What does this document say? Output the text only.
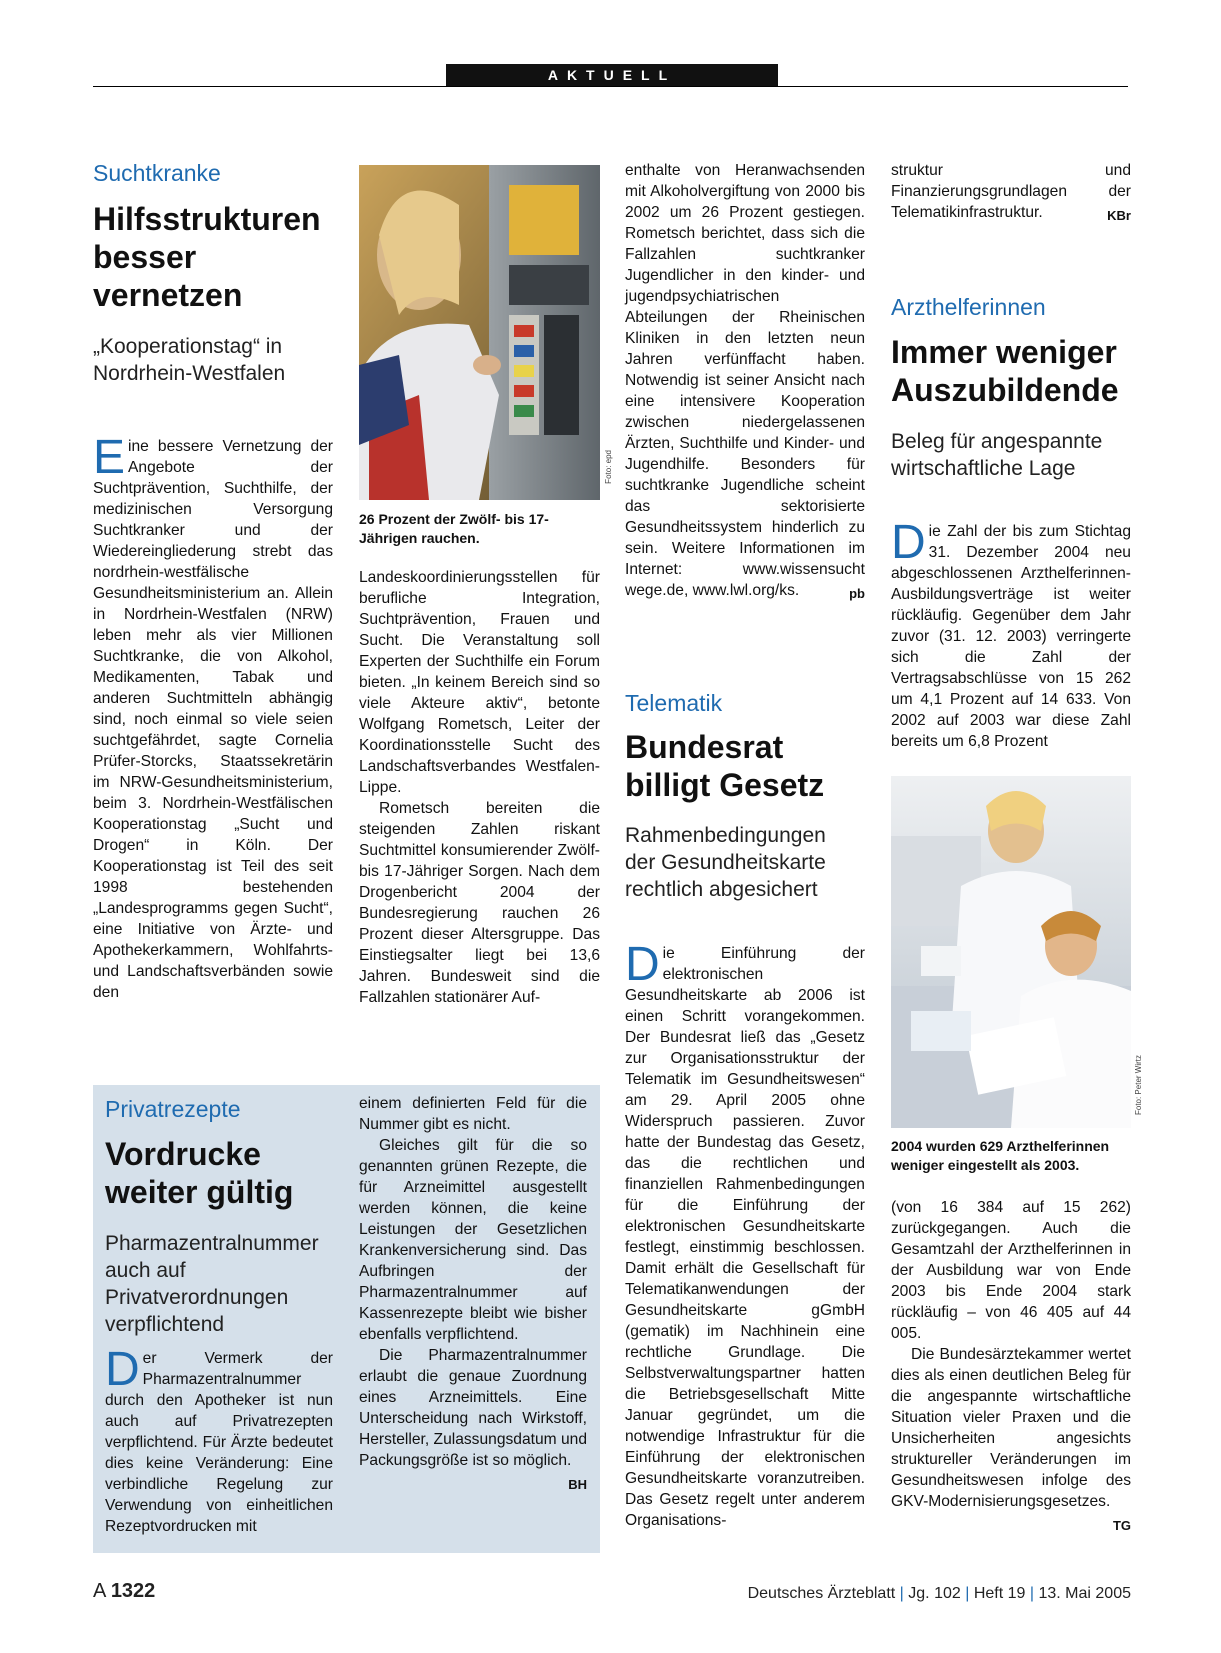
AKTUELL
Suchtkranke
Hilfsstrukturen
besser
vernetzen
„Kooperationstag“ in Nordrhein-Westfalen
Eine bessere Vernetzung der Angebote der Suchtprävention, Suchthilfe, der medizinischen Versorgung Suchtkranker und der Wiedereingliederung strebt das nordrhein-westfälische Gesundheitsministerium an. Allein in Nordrhein-Westfalen (NRW) leben mehr als vier Millionen Suchtkranke, die von Alkohol, Medikamenten, Tabak und anderen Suchtmitteln abhängig sind, noch einmal so viele seien suchtgefährdet, sagte Cornelia Prüfer-Storcks, Staatssekretärin im NRW-Gesundheitsministerium, beim 3. Nordrhein-Westfälischen Kooperationstag „Sucht und Drogen“ in Köln. Der Kooperationstag ist Teil des seit 1998 bestehenden „Landesprogramms gegen Sucht“, eine Initiative von Ärzte- und Apothekerkammern, Wohlfahrts- und Landschaftsverbänden sowie den
Foto: epd
26 Prozent der Zwölf- bis 17-Jährigen rauchen.

Landeskoordinierungsstellen für berufliche Integration, Suchtprävention, Frauen und Sucht. Die Veranstaltung soll Experten der Suchthilfe ein Forum bieten. „In keinem Bereich sind so viele Akteure aktiv“, betonte Wolfgang Rometsch, Leiter der Koordinationsstelle Sucht des Landschaftsverbandes Westfalen-Lippe.

Rometsch bereiten die steigenden Zahlen riskant Suchtmittel konsumierender Zwölf- bis 17-Jähriger Sorgen. Nach dem Drogenbericht 2004 der Bundesregierung rauchen 26 Prozent dieser Altersgruppe. Das Einstiegsalter liegt bei 13,6 Jahren. Bundesweit sind die Fallzahlen stationärer Auf-

enthalte von Heranwachsenden mit Alkoholvergiftung von 2000 bis 2002 um 26 Prozent gestiegen. Rometsch berichtet, dass sich die Fallzahlen suchtkranker Jugendlicher in den kinder- und jugendpsychiatrischen Abteilungen der Rheinischen Kliniken in den letzten neun Jahren verfünffacht haben. Notwendig ist seiner Ansicht nach eine intensivere Kooperation zwischen niedergelassenen Ärzten, Suchthilfe und Kinder- und Jugendhilfe. Besonders für suchtkranke Jugendliche scheint das sektorisierte Gesundheitssystem hinderlich zu sein. Weitere Informationen im Internet: www.wissensucht wege.de, www.lwl.org/ks.	pb
Privatrezepte
Vordrucke
weiter gültig
Pharmazentralnummer auch auf Privatverordnungen verpflichtend
Der Vermerk der Pharmazentralnummer durch den Apotheker ist nun auch auf Privatrezepten verpflichtend. Für Ärzte bedeutet dies keine Veränderung: Eine verbindliche Regelung zur Verwendung von einheitlichen Rezeptvordrucken mit

einem definierten Feld für die Nummer gibt es nicht.

Gleiches gilt für die so genannten grünen Rezepte, die für Arzneimittel ausgestellt werden können, die keine Leistungen der Gesetzlichen Krankenversicherung sind. Das Aufbringen der Pharmazentralnummer auf Kassenrezepte bleibt wie bisher ebenfalls verpflichtend.

Die Pharmazentralnummer erlaubt die genaue Zuordnung eines Arzneimittels. Eine Unterscheidung nach Wirkstoff, Hersteller, Zulassungsdatum und Packungsgröße ist so möglich.
BH

Telematik
Bundesrat
billigt Gesetz
Rahmenbedingungen der Gesundheitskarte rechtlich abgesichert
Die Einführung der elektronischen Gesundheitskarte ab 2006 ist einen Schritt vorangekommen. Der Bundesrat ließ das „Gesetz zur Organisationsstruktur der Telematik im Gesundheitswesen“ am 29. April 2005 ohne Widerspruch passieren. Zuvor hatte der Bundestag das Gesetz, das die rechtlichen und finanziellen Rahmenbedingungen für die Einführung der elektronischen Gesundheitskarte festlegt, einstimmig beschlossen. Damit erhält die Gesellschaft für Telematikanwendungen der Gesundheitskarte gGmbH (gematik) im Nachhinein eine rechtliche Grundlage. Die Selbstverwaltungspartner hatten die Betriebsgesellschaft Mitte Januar gegründet, um die notwendige Infrastruktur für die Einführung der elektronischen Gesundheitskarte voranzutreiben. Das Gesetz regelt unter anderem Organisations-
struktur und Finanzierungsgrundlagen der Telematikinfrastruktur.	KBr
Arzthelferinnen
Immer weniger
Auszubildende
Beleg für angespannte wirtschaftliche Lage
Die Zahl der bis zum Stichtag 31. Dezember 2004 neu abgeschlossenen Arzthelferinnen-Ausbildungsverträge ist weiter rückläufig. Gegenüber dem Jahr zuvor (31. 12. 2003) verringerte sich die Zahl der Vertragsabschlüsse von 15 262 um 4,1 Prozent auf 14 633. Von 2002 auf 2003 war diese Zahl bereits um 6,8 Prozent
Foto: Peter Wirtz
2004 wurden 629 Arzthelferinnen weniger eingestellt als 2003.

(von 16 384 auf 15 262) zurückgegangen. Auch die Gesamtzahl der Arzthelferinnen in der Ausbildung war von Ende 2003 bis Ende 2004 stark rückläufig – von 46 405 auf 44 005.

Die Bundesärztekammer wertet dies als einen deutlichen Beleg für die angespannte wirtschaftliche Situation vieler Praxen und die Unsicherheiten angesichts struktureller Veränderungen im Gesundheitswesen infolge des GKV-Modernisierungsgesetzes.
TG

A 1322	Deutsches Ärzteblatt | Jg. 102 | Heft 19 | 13. Mai 2005
